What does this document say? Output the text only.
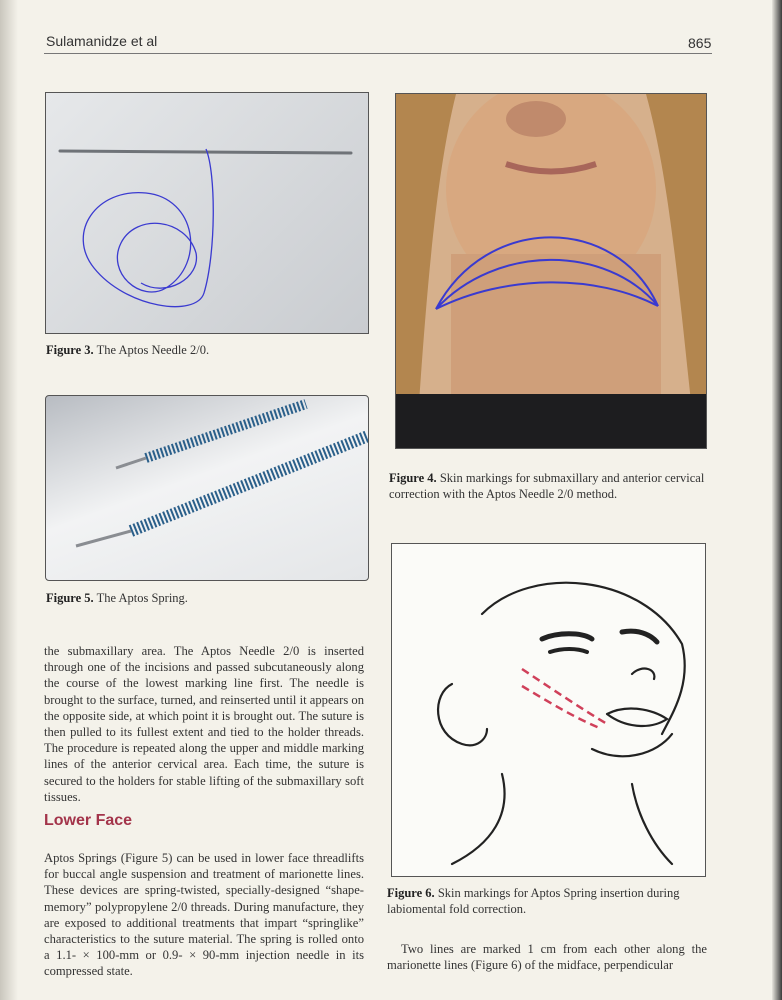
Sulamanidze et al	865
Figure 3. The Aptos Needle 2/0.
Figure 4. Skin markings for submaxillary and anterior cervical correction with the Aptos Needle 2/0 method.
Figure 5. The Aptos Spring.
Figure 6. Skin markings for Aptos Spring insertion during labiomental fold correction.

the submaxillary area. The Aptos Needle 2/0 is inserted through one of the incisions and passed subcutaneously along the course of the lowest marking line first. The needle is brought to the surface, turned, and reinserted until it appears on the opposite side, at which point it is brought out. The suture is then pulled to its fullest extent and tied to the holder threads. The procedure is repeated along the upper and middle marking lines of the anterior cervical area. Each time, the suture is secured to the holders for stable lifting of the submaxillary soft tissues.

Lower Face

Aptos Springs (Figure 5) can be used in lower face threadlifts for buccal angle suspension and treatment of marionette lines. These devices are spring-twisted, specially-designed “shape-memory” polypropylene 2/0 threads. During manufacture, they are exposed to additional treatments that impart “springlike” characteristics to the suture material. The spring is rolled onto a 1.1- × 100-mm or 0.9- × 90-mm injection needle in its compressed state.

Two lines are marked 1 cm from each other along the marionette lines (Figure 6) of the midface, perpendicular
